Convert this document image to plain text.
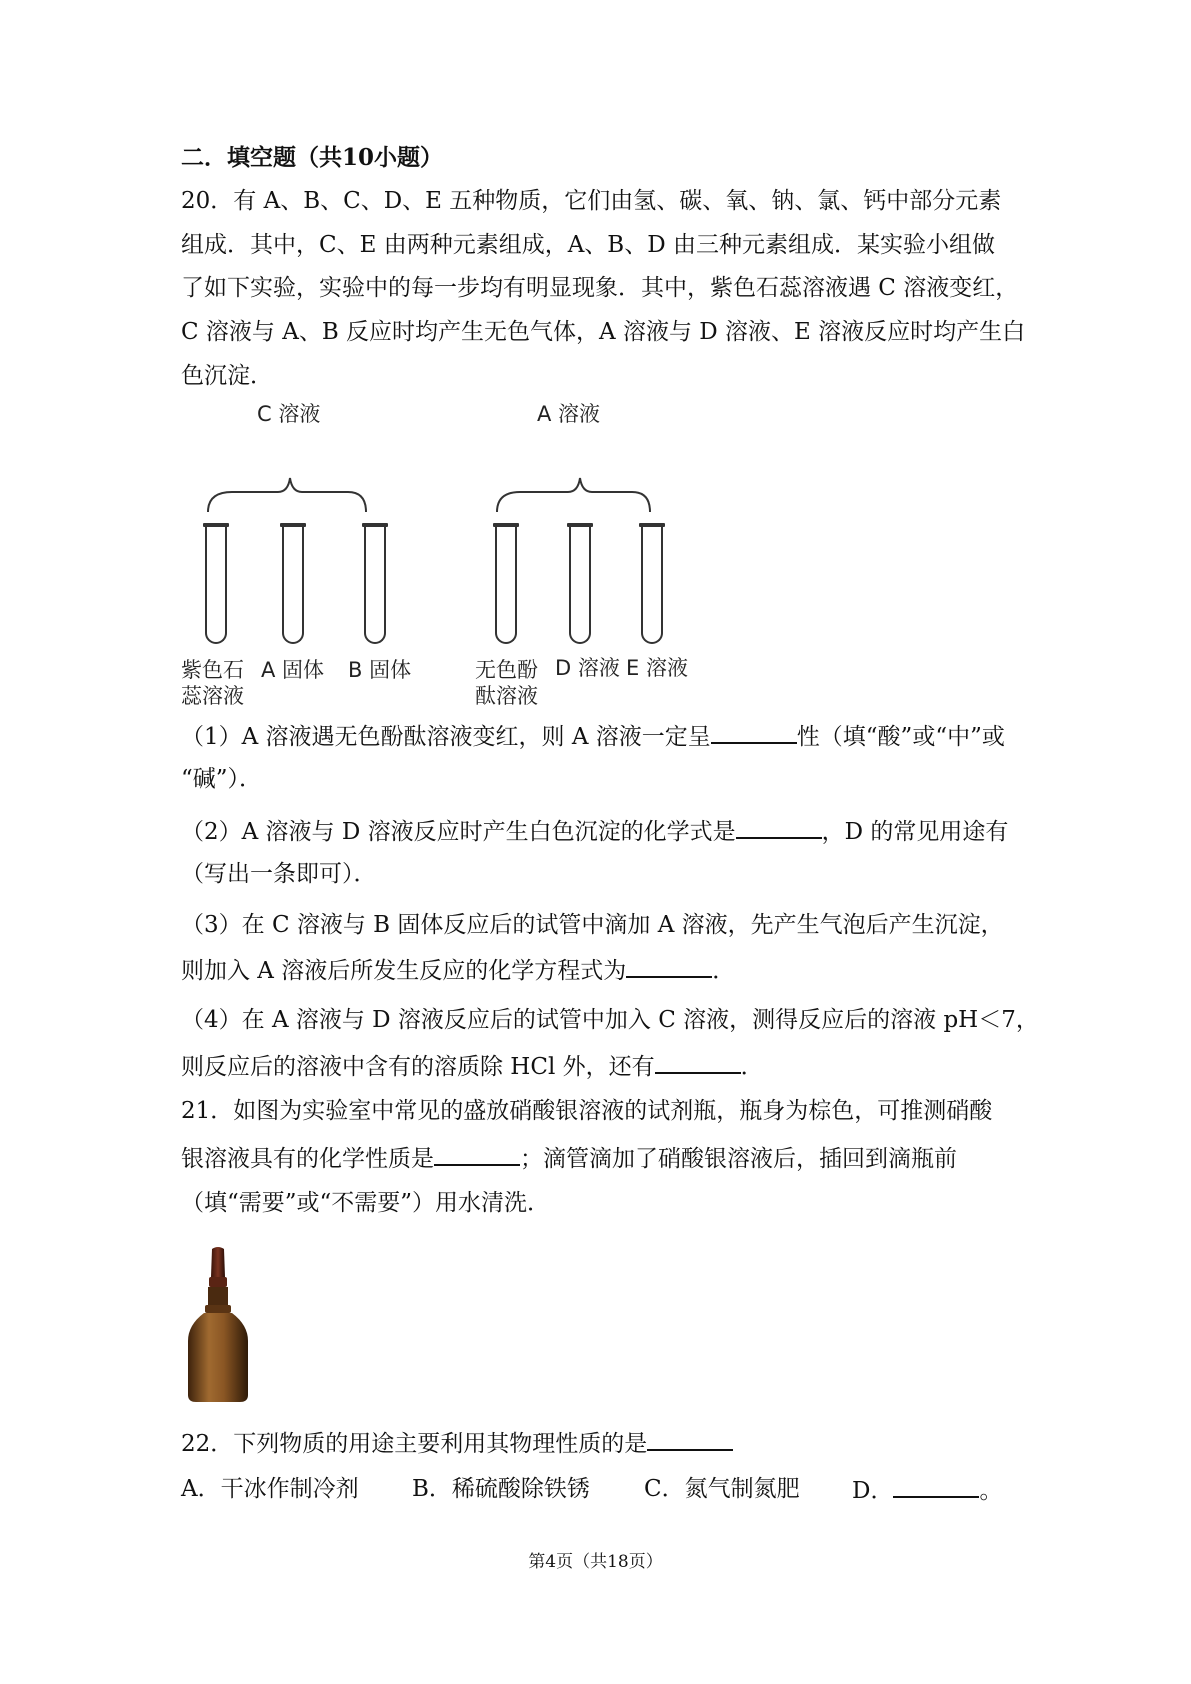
二．填空题（共10小题）
20．有 A、B、C、D、E 五种物质，它们由氢、碳、氧、钠、氯、钙中部分元素
组成．其中，C、E 由两种元素组成，A、B、D 由三种元素组成．某实验小组做
了如下实验，实验中的每一步均有明显现象．其中，紫色石蕊溶液遇 C 溶液变红，
C 溶液与 A、B 反应时均产生无色气体，A 溶液与 D 溶液、E 溶液反应时均产生白
色沉淀．
C 溶液	A 溶液
紫色石
蕊溶液
A 固体 B 固体	无色酚
酞溶液
D 溶液 E 溶液
（1）A 溶液遇无色酚酞溶液变红，则 A 溶液一定呈	性（填“酸”或“中”或
“碱”）．
（2）A 溶液与 D 溶液反应时产生白色沉淀的化学式是	，D 的常见用途有
（写出一条即可）．
（3）在 C 溶液与 B 固体反应后的试管中滴加 A 溶液，先产生气泡后产生沉淀，
则加入 A 溶液后所发生反应的化学方程式为	．
（4）在 A 溶液与 D 溶液反应后的试管中加入 C 溶液，测得反应后的溶液 pH＜7，
则反应后的溶液中含有的溶质除 HCl 外，还有	．
21．如图为实验室中常见的盛放硝酸银溶液的试剂瓶，瓶身为棕色，可推测硝酸
银溶液具有的化学性质是	；滴管滴加了硝酸银溶液后，插回到滴瓶前
（填“需要”或“不需要”）用水清洗．
22．下列物质的用途主要利用其物理性质的是
A．干冰作制冷剂 B．稀硫酸除铁锈 C．氮气制氮肥 D．	。
第4页（共18页）
